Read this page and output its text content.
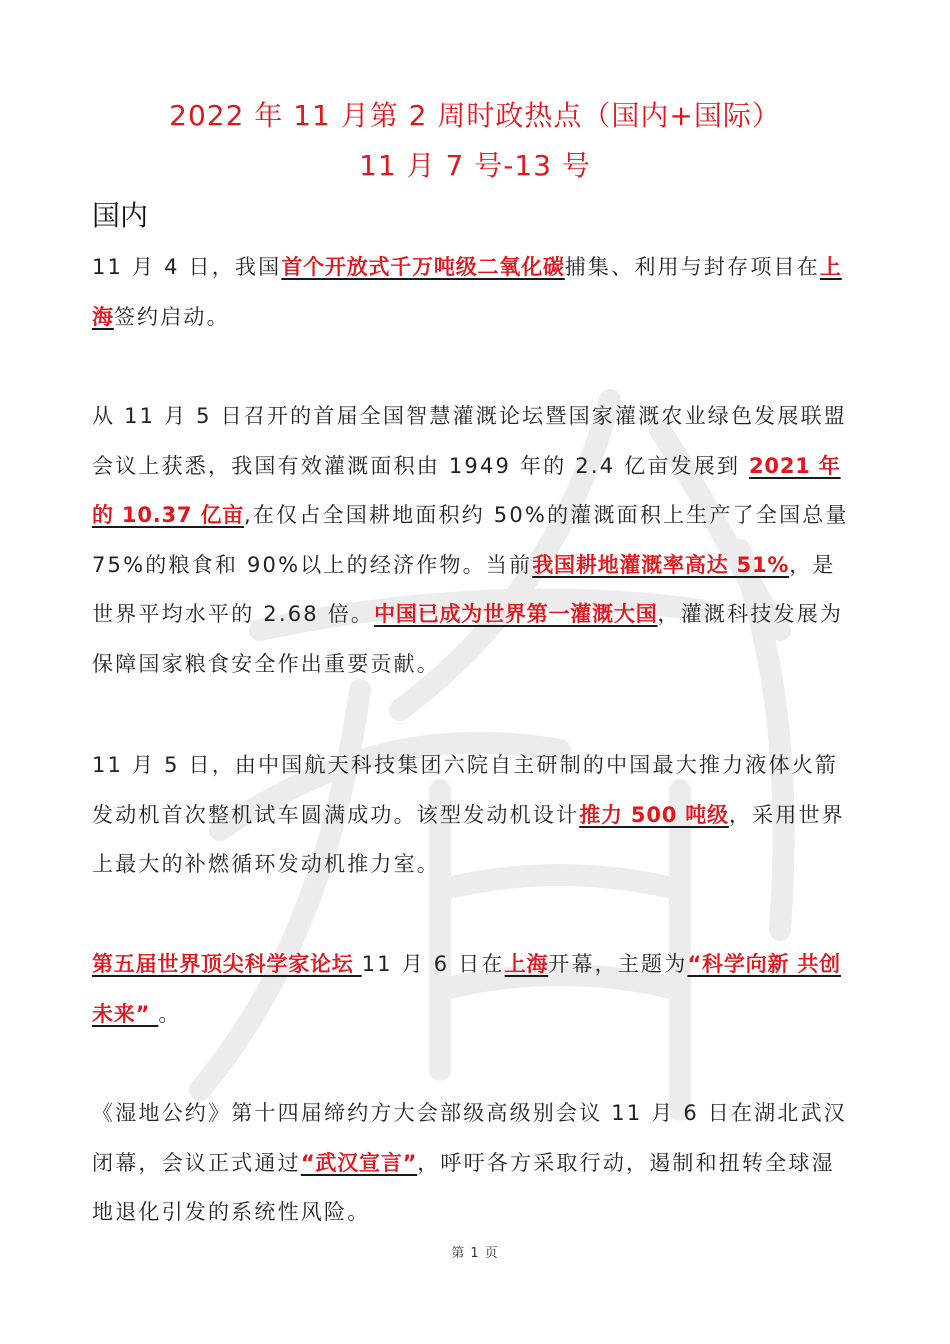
2022 年 11 月第 2 周时政热点（国内+国际）
11 月 7 号-13 号
国内

11 月 4 日，我国首个开放式千万吨级二氧化碳捕集、利用与封存项目在上海签约启动。

从 11 月 5 日召开的首届全国智慧灌溉论坛暨国家灌溉农业绿色发展联盟会议上获悉，我国有效灌溉面积由 1949 年的 2.4 亿亩发展到 2021 年的 10.37 亿亩,在仅占全国耕地面积约 50%的灌溉面积上生产了全国总量 75%的粮食和 90%以上的经济作物。当前我国耕地灌溉率高达 51%，是世界平均水平的 2.68 倍。中国已成为世界第一灌溉大国，灌溉科技发展为保障国家粮食安全作出重要贡献。

11 月 5 日，由中国航天科技集团六院自主研制的中国最大推力液体火箭发动机首次整机试车圆满成功。该型发动机设计推力 500 吨级，采用世界上最大的补燃循环发动机推力室。

第五届世界顶尖科学家论坛 11 月 6 日在上海开幕，主题为“科学向新 共创未来” 。

《湿地公约》第十四届缔约方大会部级高级别会议 11 月 6 日在湖北武汉闭幕，会议正式通过“武汉宣言”，呼吁各方采取行动，遏制和扭转全球湿地退化引发的系统性风险。

第 1 页
